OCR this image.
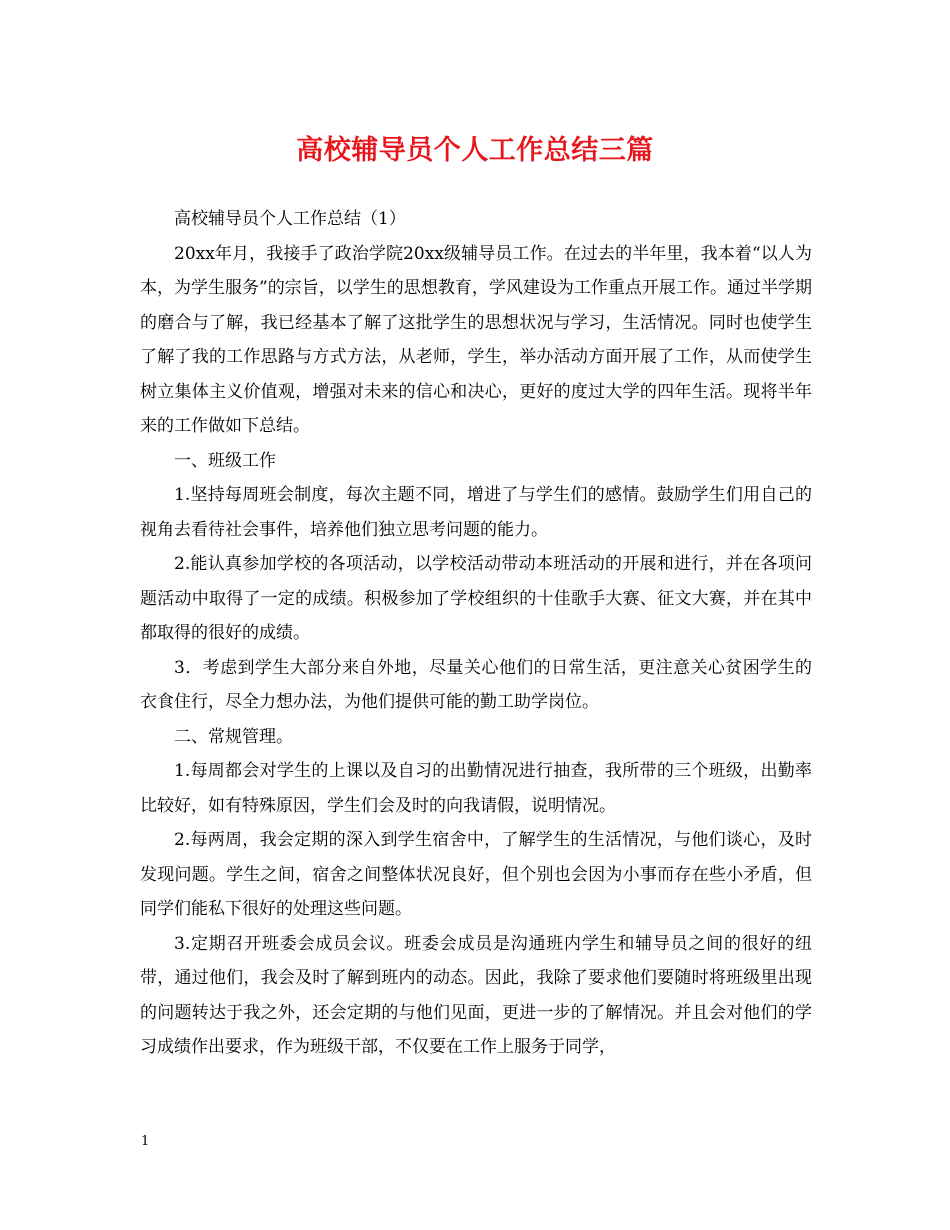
高校辅导员个人工作总结三篇

高校辅导员个人工作总结（1）

20xx年月，我接手了政治学院20xx级辅导员工作。在过去的半年里，我本着“以人为本，为学生服务”的宗旨，以学生的思想教育，学风建设为工作重点开展工作。通过半学期的磨合与了解，我已经基本了解了这批学生的思想状况与学习，生活情况。同时也使学生了解了我的工作思路与方式方法，从老师，学生，举办活动方面开展了工作，从而使学生树立集体主义价值观，增强对未来的信心和决心，更好的度过大学的四年生活。现将半年来的工作做如下总结。

一、班级工作

1.坚持每周班会制度，每次主题不同，增进了与学生们的感情。鼓励学生们用自己的视角去看待社会事件，培养他们独立思考问题的能力。

2.能认真参加学校的各项活动，以学校活动带动本班活动的开展和进行，并在各项问题活动中取得了一定的成绩。积极参加了学校组织的十佳歌手大赛、征文大赛，并在其中都取得的很好的成绩。

3．考虑到学生大部分来自外地，尽量关心他们的日常生活，更注意关心贫困学生的衣食住行，尽全力想办法，为他们提供可能的勤工助学岗位。

二、常规管理。

1.每周都会对学生的上课以及自习的出勤情况进行抽查，我所带的三个班级，出勤率比较好，如有特殊原因，学生们会及时的向我请假，说明情况。

2.每两周，我会定期的深入到学生宿舍中，了解学生的生活情况，与他们谈心，及时发现问题。学生之间，宿舍之间整体状况良好，但个别也会因为小事而存在些小矛盾，但同学们能私下很好的处理这些问题。

3.定期召开班委会成员会议。班委会成员是沟通班内学生和辅导员之间的很好的纽带，通过他们，我会及时了解到班内的动态。因此，我除了要求他们要随时将班级里出现的问题转达于我之外，还会定期的与他们见面，更进一步的了解情况。并且会对他们的学习成绩作出要求，作为班级干部，不仅要在工作上服务于同学，

1
